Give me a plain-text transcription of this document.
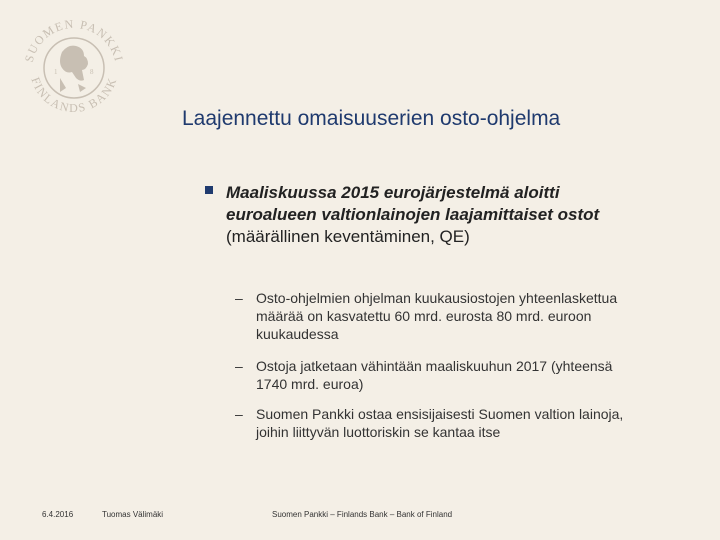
SUOMEN PANKKI
FINLANDS BANK
1	8
Laajennettu omaisuuserien osto-ohjelma
Maaliskuussa 2015 eurojärjestelmä aloitti
euroalueen valtionlainojen laajamittaiset ostot
(määrällinen keventäminen, QE)
– Osto-ohjelmien ohjelman kuukausiostojen yhteenlaskettua
määrää on kasvatettu 60 mrd. eurosta 80 mrd. euroon
kuukaudessa
– Ostoja jatketaan vähintään maaliskuuhun 2017 (yhteensä
1740 mrd. euroa)
– Suomen Pankki ostaa ensisijaisesti Suomen valtion lainoja,
joihin liittyvän luottoriskin se kantaa itse
6.4.2016	Tuomas Välimäki	Suomen Pankki – Finlands Bank – Bank of Finland
